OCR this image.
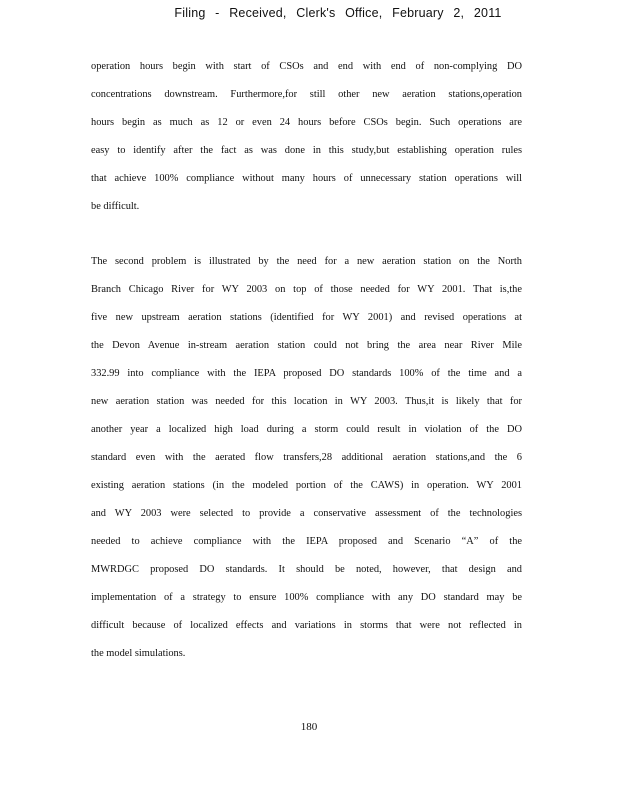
Filing - Received, Clerk's Office, February 2, 2011
operation hours begin with start of CSOs and end with end of non-complying DO
concentrations downstream. Furthermore,for still other new aeration stations,operation
hours begin as much as 12 or even 24 hours before CSOs begin. Such operations are
easy to identify after the fact as was done in this study,but establishing operation rules
that achieve 100% compliance without many hours of unnecessary station operations will
be difficult.
The second problem is illustrated by the need for a new aeration station on the North
Branch Chicago River for WY 2003 on top of those needed for WY 2001. That is,the
five new upstream aeration stations (identified for WY 2001) and revised operations at
the Devon Avenue in-stream aeration station could not bring the area near River Mile
332.99 into compliance with the IEPA proposed DO standards 100% of the time and a
new aeration station was needed for this location in WY 2003. Thus,it is likely that for
another year a localized high load during a storm could result in violation of the DO
standard even with the aerated flow transfers,28 additional aeration stations,and the 6
existing aeration stations (in the modeled portion of the CAWS) in operation. WY 2001
and WY 2003 were selected to provide a conservative assessment of the technologies
needed to achieve compliance with the IEPA proposed and Scenario “A” of the
MWRDGC proposed DO standards. It should be noted, however, that design and
implementation of a strategy to ensure 100% compliance with any DO standard may be
difficult because of localized effects and variations in storms that were not reflected in
the model simulations.
180
